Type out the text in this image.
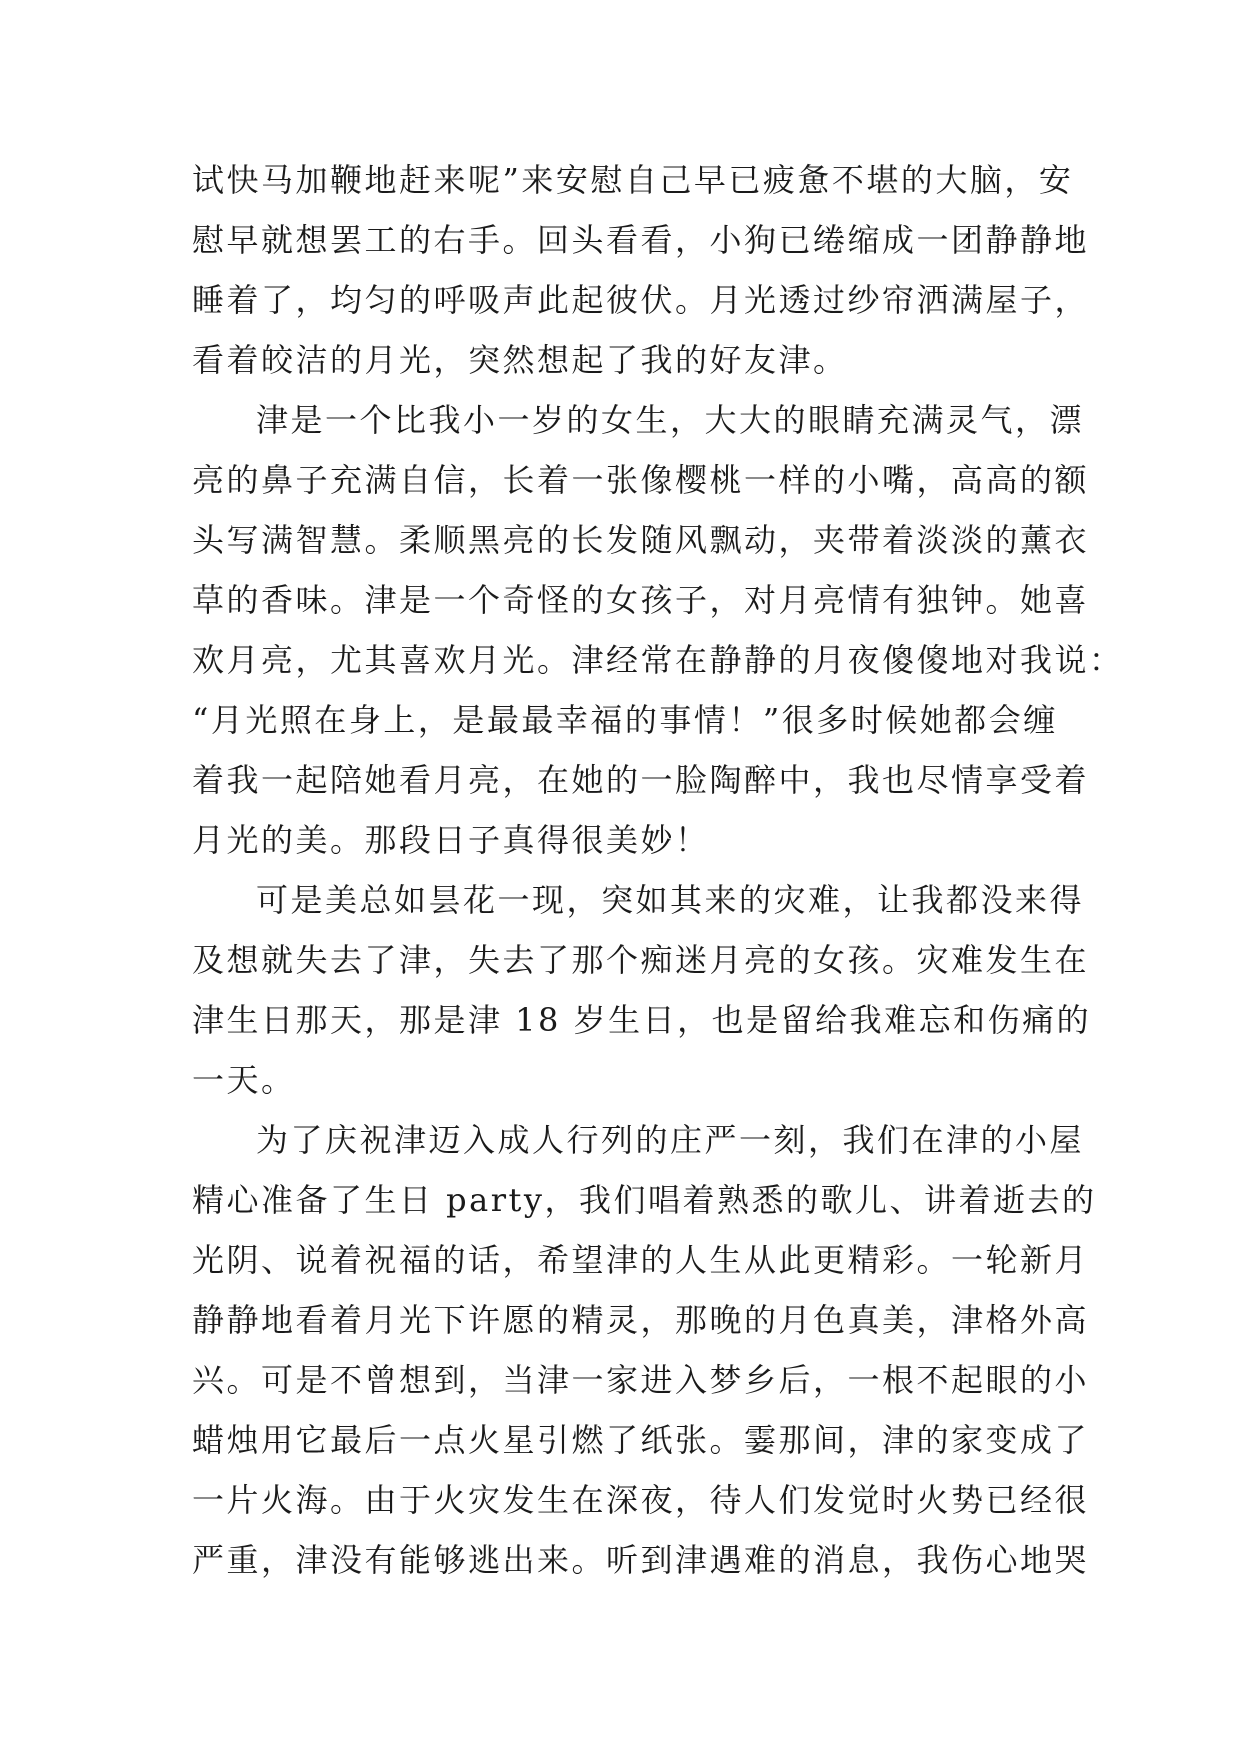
试快马加鞭地赶来呢”来安慰自己早已疲惫不堪的大脑，安
慰早就想罢工的右手。回头看看，小狗已绻缩成一团静静地
睡着了，均匀的呼吸声此起彼伏。月光透过纱帘洒满屋子，
看着皎洁的月光，突然想起了我的好友津。
津是一个比我小一岁的女生，大大的眼睛充满灵气，漂
亮的鼻子充满自信，长着一张像樱桃一样的小嘴，高高的额
头写满智慧。柔顺黑亮的长发随风飘动，夹带着淡淡的薰衣
草的香味。津是一个奇怪的女孩子，对月亮情有独钟。她喜
欢月亮，尤其喜欢月光。津经常在静静的月夜傻傻地对我说：
“月光照在身上，是最最幸福的事情！”很多时候她都会缠
着我一起陪她看月亮，在她的一脸陶醉中，我也尽情享受着
月光的美。那段日子真得很美妙！
可是美总如昙花一现，突如其来的灾难，让我都没来得
及想就失去了津，失去了那个痴迷月亮的女孩。灾难发生在
津生日那天，那是津 18 岁生日，也是留给我难忘和伤痛的
一天。
为了庆祝津迈入成人行列的庄严一刻，我们在津的小屋
精心准备了生日 party，我们唱着熟悉的歌儿、讲着逝去的
光阴、说着祝福的话，希望津的人生从此更精彩。一轮新月
静静地看着月光下许愿的精灵，那晚的月色真美，津格外高
兴。可是不曾想到，当津一家进入梦乡后，一根不起眼的小
蜡烛用它最后一点火星引燃了纸张。霎那间，津的家变成了
一片火海。由于火灾发生在深夜，待人们发觉时火势已经很
严重，津没有能够逃出来。听到津遇难的消息，我伤心地哭
